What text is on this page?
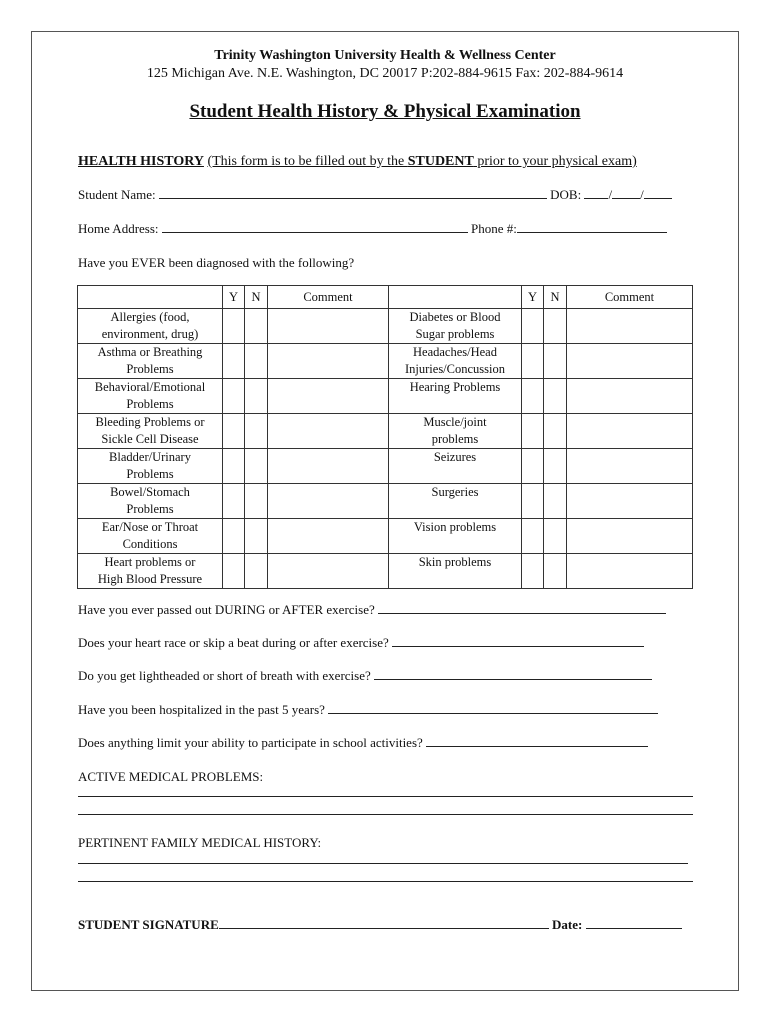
Trinity Washington University Health & Wellness Center
125 Michigan Ave. N.E. Washington, DC 20017 P:202-884-9615 Fax: 202-884-9614
Student Health History & Physical Examination
HEALTH HISTORY (This form is to be filled out by the STUDENT prior to your physical exam)
Student Name:	DOB: / /
Home Address:	Phone #:
Have you EVER been diagnosed with the following?
	Y	N	Comment		Y	N	Comment
Allergies (food,
environment, drug)				Diabetes or Blood
Sugar problems			
Asthma or Breathing
Problems				Headaches/Head
Injuries/Concussion			
Behavioral/Emotional
Problems				Hearing Problems

Bleeding Problems or
Sickle Cell Disease				Muscle/joint
problems			
Bladder/Urinary
Problems				Seizures

Bowel/Stomach
Problems				Surgeries

Ear/Nose or Throat
Conditions				Vision problems

Heart problems or
High Blood Pressure				Skin problems

Have you ever passed out DURING or AFTER exercise?
Does your heart race or skip a beat during or after exercise?
Do you get lightheaded or short of breath with exercise?
Have you been hospitalized in the past 5 years?
Does anything limit your ability to participate in school activities?
ACTIVE MEDICAL PROBLEMS:
PERTINENT FAMILY MEDICAL HISTORY:
STUDENT SIGNATURE	Date:
